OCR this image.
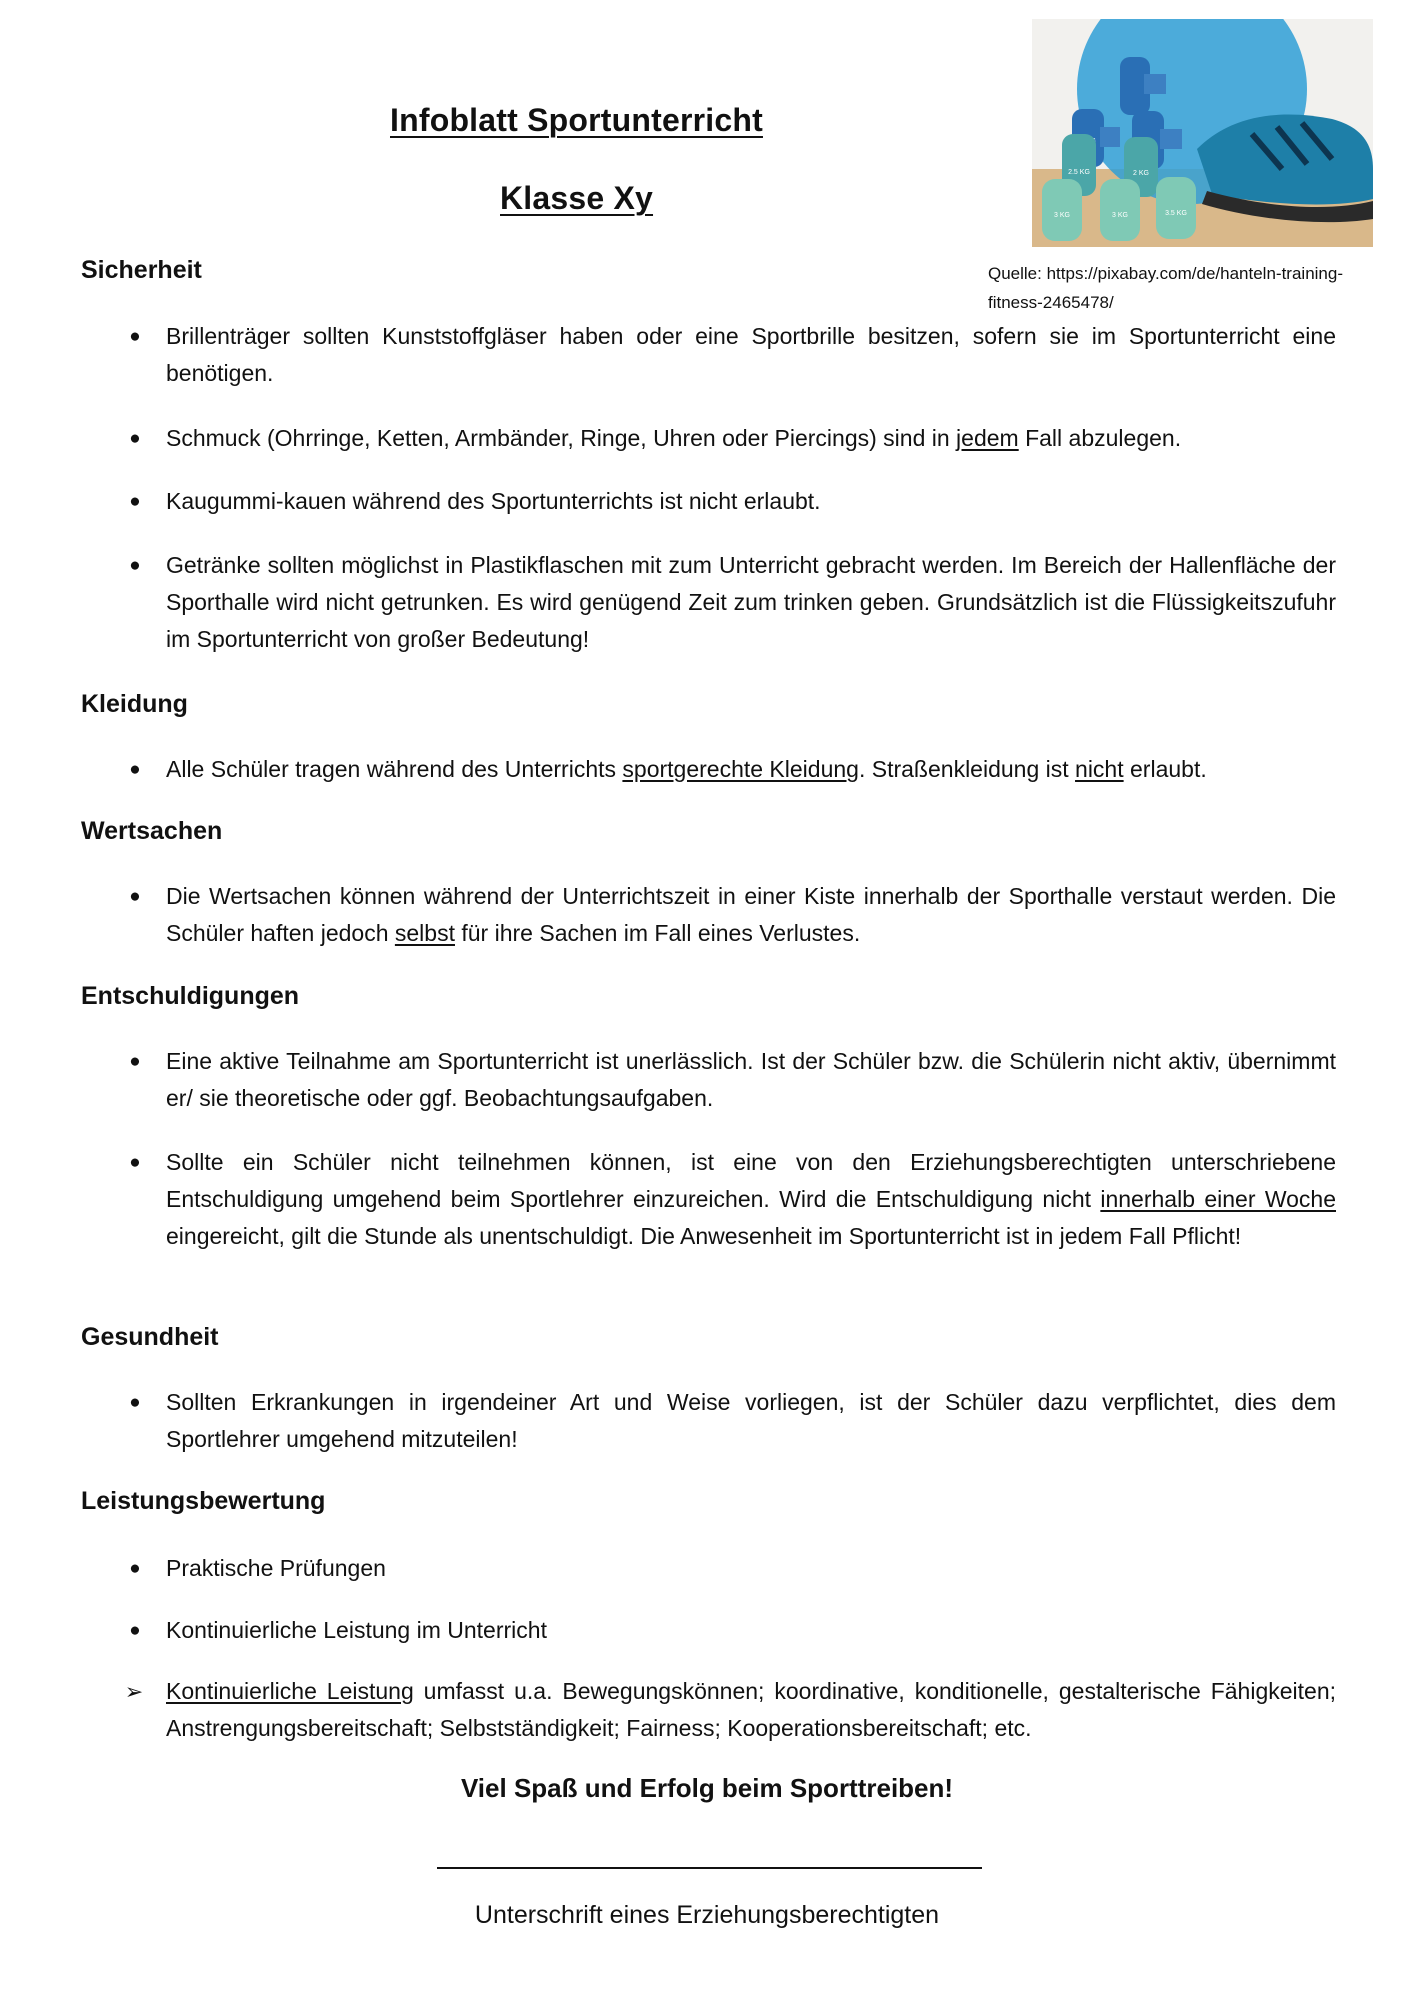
Infoblatt Sportunterricht
Klasse Xy
2.5 KG	2 KG
3 KG	3 KG	3.5 KG
Quelle: https://pixabay.com/de/hanteln-training-fitness-2465478/
Sicherheit
● Brillenträger sollten Kunststoffgläser haben oder eine Sportbrille besitzen, sofern sie im Sportunterricht eine benötigen.
● Schmuck (Ohrringe, Ketten, Armbänder, Ringe, Uhren oder Piercings) sind in jedem Fall abzulegen.
● Kaugummi-kauen während des Sportunterrichts ist nicht erlaubt.
● Getränke sollten möglichst in Plastikflaschen mit zum Unterricht gebracht werden. Im Bereich der Hallenfläche der Sporthalle wird nicht getrunken. Es wird genügend Zeit zum trinken geben. Grundsätzlich ist die Flüssigkeitszufuhr im Sportunterricht von großer Bedeutung!
Kleidung
● Alle Schüler tragen während des Unterrichts sportgerechte Kleidung. Straßenkleidung ist nicht erlaubt.
Wertsachen
● Die Wertsachen können während der Unterrichtszeit in einer Kiste innerhalb der Sporthalle verstaut werden. Die Schüler haften jedoch selbst für ihre Sachen im Fall eines Verlustes.
Entschuldigungen
● Eine aktive Teilnahme am Sportunterricht ist unerlässlich. Ist der Schüler bzw. die Schülerin nicht aktiv, übernimmt er/ sie theoretische oder ggf. Beobachtungsaufgaben.
● Sollte ein Schüler nicht teilnehmen können, ist eine von den Erziehungsberechtigten unterschriebene Entschuldigung umgehend beim Sportlehrer einzureichen. Wird die Entschuldigung nicht innerhalb einer Woche eingereicht, gilt die Stunde als unentschuldigt. Die Anwesenheit im Sportunterricht ist in jedem Fall Pflicht!
Gesundheit
● Sollten Erkrankungen in irgendeiner Art und Weise vorliegen, ist der Schüler dazu verpflichtet, dies dem Sportlehrer umgehend mitzuteilen!
Leistungsbewertung
● Praktische Prüfungen
● Kontinuierliche Leistung im Unterricht
➢ Kontinuierliche Leistung umfasst u.a. Bewegungskönnen; koordinative, konditionelle, gestalterische Fähigkeiten; Anstrengungsbereitschaft; Selbstständigkeit; Fairness; Kooperationsbereitschaft; etc.
Viel Spaß und Erfolg beim Sporttreiben!
Unterschrift eines Erziehungsberechtigten
